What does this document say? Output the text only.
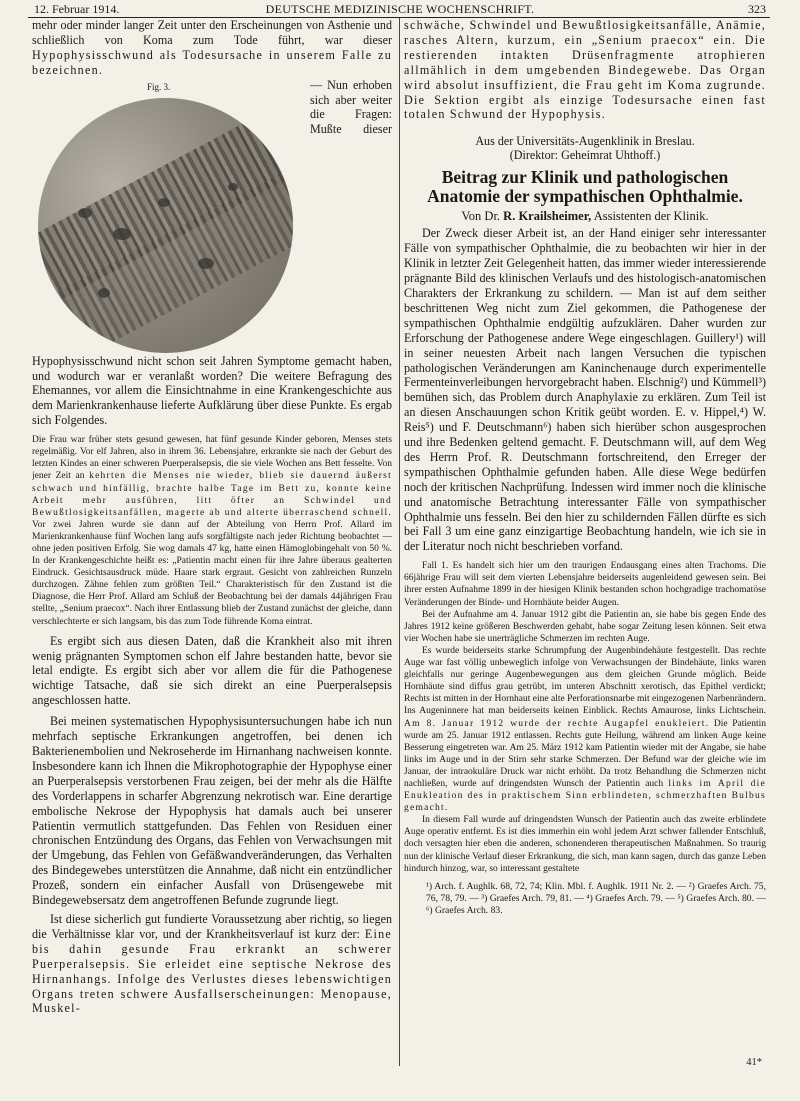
12. Februar 1914.	DEUTSCHE MEDIZINISCHE WOCHENSCHRIFT.	323

mehr oder minder langer Zeit unter den Erscheinungen von Asthenie und schließlich von Koma zum Tode führt, war dieser Hypophysisschwund als Todesursache in unserem Falle zu bezeichnen.

Fig. 3.	— Nun erhoben sich aber weiter die Fragen: Mußte dieser Hypophysisschwund nicht schon seit Jahren Symptome gemacht haben, und wodurch war er veranlaßt worden? Die weitere Befragung des Ehemannes, vor allem die Einsichtnahme in eine Krankengeschichte aus dem Marienkrankenhause lieferte Aufklärung über diese Punkte. Es ergab sich Folgendes.

Die Frau war früher stets gesund gewesen, hat fünf gesunde Kinder geboren, Menses stets regelmäßig. Vor elf Jahren, also in ihrem 36. Lebensjahre, erkrankte sie nach der Geburt des letzten Kindes an einer schweren Puerperalsepsis, die sie viele Wochen ans Bett fesselte. Von jener Zeit an kehrten die Menses nie wieder, blieb sie dauernd äußerst schwach und hinfällig, brachte halbe Tage im Bett zu, konnte keine Arbeit mehr ausführen, litt öfter an Schwindel und Bewußtlosigkeitsanfällen, magerte ab und alterte überraschend schnell. Vor zwei Jahren wurde sie dann auf der Abteilung von Herrn Prof. Allard im Marienkrankenhause fünf Wochen lang aufs sorgfältigste nach jeder Richtung beobachtet — ohne jeden positiven Erfolg. Sie wog damals 47 kg, hatte einen Hämoglobingehalt von 50 %. In der Krankengeschichte heißt es: „Patientin macht einen für ihre Jahre überaus gealterten Eindruck. Gesichtsausdruck müde. Haare stark ergraut. Gesicht von zahlreichen Runzeln durchzogen. Zähne fehlen zum größten Teil.“ Charakteristisch für den Zustand ist die Diagnose, die Herr Prof. Allard am Schluß der Beobachtung bei der damals 44jährigen Frau stellte, „Senium praecox“. Nach ihrer Entlassung blieb der Zustand zunächst der gleiche, dann verschlechterte er sich langsam, bis das zum Tode führende Koma eintrat.

Es ergibt sich aus diesen Daten, daß die Krankheit also mit ihren wenig prägnanten Symptomen schon elf Jahre bestanden hatte, bevor sie letal endigte. Es ergibt sich aber vor allem die für die Pathogenese wichtige Tatsache, daß sie sich direkt an eine Puerperalsepsis angeschlossen hatte.

Bei meinen systematischen Hypophysisuntersuchungen habe ich nun mehrfach septische Erkrankungen angetroffen, bei denen ich Bakterienembolien und Nekroseherde im Hirnanhang nachweisen konnte. Insbesondere kann ich Ihnen die Mikrophotographie der Hypophyse einer an Puerperalsepsis verstorbenen Frau zeigen, bei der mehr als die Hälfte des Vorderlappens in scharfer Abgrenzung nekrotisch war. Eine derartige embolische Nekrose der Hypophysis hat damals auch bei unserer Patientin vermutlich stattgefunden. Das Fehlen von Residuen einer chronischen Entzündung des Organs, das Fehlen von Verwachsungen mit der Umgebung, das Fehlen von Gefäßwandveränderungen, das Verhalten des Bindegewebes unterstützen die Annahme, daß nicht ein entzündlicher Prozeß, sondern ein einfacher Ausfall von Drüsengewebe mit Bindegewebsersatz dem angetroffenen Befunde zugrunde liegt.

Ist diese sicherlich gut fundierte Voraussetzung aber richtig, so liegen die Verhältnisse klar vor, und der Krankheitsverlauf ist kurz der: Eine bis dahin gesunde Frau erkrankt an schwerer Puerperalsepsis. Sie erleidet eine septische Nekrose des Hirnanhangs. Infolge des Verlustes dieses lebenswichtigen Organs treten schwere Ausfallserscheinungen: Menopause, Muskel-

schwäche, Schwindel und Bewußtlosigkeitsanfälle, Anämie, rasches Altern, kurzum, ein „Senium praecox“ ein. Die restierenden intakten Drüsenfragmente atrophieren allmählich in dem umgebenden Bindegewebe. Das Organ wird absolut insuffizient, die Frau geht im Koma zugrunde. Die Sektion ergibt als einzige Todesursache einen fast totalen Schwund der Hypophysis.

Aus der Universitäts-Augenklinik in Breslau.
(Direktor: Geheimrat Uhthoff.)
Beitrag zur Klinik und pathologischen Anatomie der sympathischen Ophthalmie.
Von Dr. R. Krailsheimer, Assistenten der Klinik.

Der Zweck dieser Arbeit ist, an der Hand einiger sehr interessanter Fälle von sympathischer Ophthalmie, die zu beobachten wir hier in der Klinik in letzter Zeit Gelegenheit hatten, das immer wieder interessierende prägnante Bild des klinischen Verlaufs und des histologisch-anatomischen Charakters der Erkrankung zu schildern. — Man ist auf dem seither beschrittenen Weg nicht zum Ziel gekommen, die Pathogenese der sympathischen Ophthalmie endgültig aufzuklären. Daher wurden zur Erforschung der Pathogenese andere Wege eingeschlagen. Guillery¹) will in seiner neuesten Arbeit nach langen Versuchen die typischen pathologischen Veränderungen am Kaninchenauge durch experimentelle Fermenteinverleibungen hervorgebracht haben. Elschnig²) und Kümmell³) bemühen sich, das Problem durch Anaphylaxie zu erklären. Zum Teil ist an diesen Anschauungen schon Kritik geübt worden. E. v. Hippel,⁴) W. Reis⁵) und F. Deutschmann⁶) haben sich hierüber schon ausgesprochen und ihre Bedenken geltend gemacht. F. Deutschmann will, auf dem Weg des Herrn Prof. R. Deutschmann fortschreitend, den Erreger der sympathischen Ophthalmie gefunden haben. Alle diese Wege bedürfen noch der kritischen Nachprüfung. Indessen wird immer noch die klinische und anatomische Betrachtung interessanter Fälle von sympathischer Ophthalmie uns fesseln. Bei den hier zu schildernden Fällen dürfte es sich bei Fall 3 um eine ganz einzigartige Beobachtung handeln, wie ich sie in der Literatur noch nicht beschrieben vorfand.

Fall 1. Es handelt sich hier um den traurigen Endausgang eines alten Trachoms. Die 66jährige Frau will seit dem vierten Lebensjahre beiderseits augenleidend gewesen sein. Bei ihrer ersten Aufnahme 1899 in der hiesigen Klinik bestanden schon hochgradige trachomatöse Veränderungen der Binde- und Hornhäute beider Augen.

Bei der Aufnahme am 4. Januar 1912 gibt die Patientin an, sie habe bis gegen Ende des Jahres 1912 keine größeren Beschwerden gehabt, habe sogar Zeitung lesen können. Seit etwa vier Wochen habe sie unerträgliche Schmerzen im rechten Auge.

Es wurde beiderseits starke Schrumpfung der Augenbindehäute festgestellt. Das rechte Auge war fast völlig unbeweglich infolge von Verwachsungen der Bindehäute, links waren gleichfalls nur geringe Augenbewegungen aus dem gleichen Grunde möglich. Beide Hornhäute sind diffus grau getrübt, im unteren Abschnitt xerotisch, das Epithel verdickt; Rechts ist mitten in der Hornhaut eine alte Perforationsnarbe mit eingezogenen Narbenrändern. Ins Augeninnere hat man beiderseits keinen Einblick. Rechts Amaurose, links Lichtschein. Am 8. Januar 1912 wurde der rechte Augapfel enukleiert. Die Patientin wurde am 25. Januar 1912 entlassen. Rechts gute Heilung, während am linken Auge keine Besserung eingetreten war. Am 25. März 1912 kam Patientin wieder mit der Angabe, sie habe links im Auge und in der Stirn sehr starke Schmerzen. Der Befund war der gleiche wie im Januar, der intraokuläre Druck war nicht erhöht. Da trotz Behandlung die Schmerzen nicht nachließen, wurde auf dringendsten Wunsch der Patientin auch links im April die Enukleation des in praktischem Sinn erblindeten, schmerzhaften Bulbus gemacht.

In diesem Fall wurde auf dringendsten Wunsch der Patientin auch das zweite erblindete Auge operativ entfernt. Es ist dies immerhin ein wohl jedem Arzt schwer fallender Entschluß, doch versagten hier eben die anderen, schonenderen therapeutischen Maßnahmen. So traurig nun der klinische Verlauf dieser Erkrankung, die sich, man kann sagen, durch das ganze Leben hindurch hinzog, war, so interessant gestaltete

¹) Arch. f. Aughlk. 68, 72, 74; Klin. Mbl. f. Aughlk. 1911 Nr. 2. — ²) Graefes Arch. 75, 76, 78, 79. — ³) Graefes Arch. 79, 81. — ⁴) Graefes Arch. 79. — ⁵) Graefes Arch. 80. — ⁶) Graefes Arch. 83.

41*
